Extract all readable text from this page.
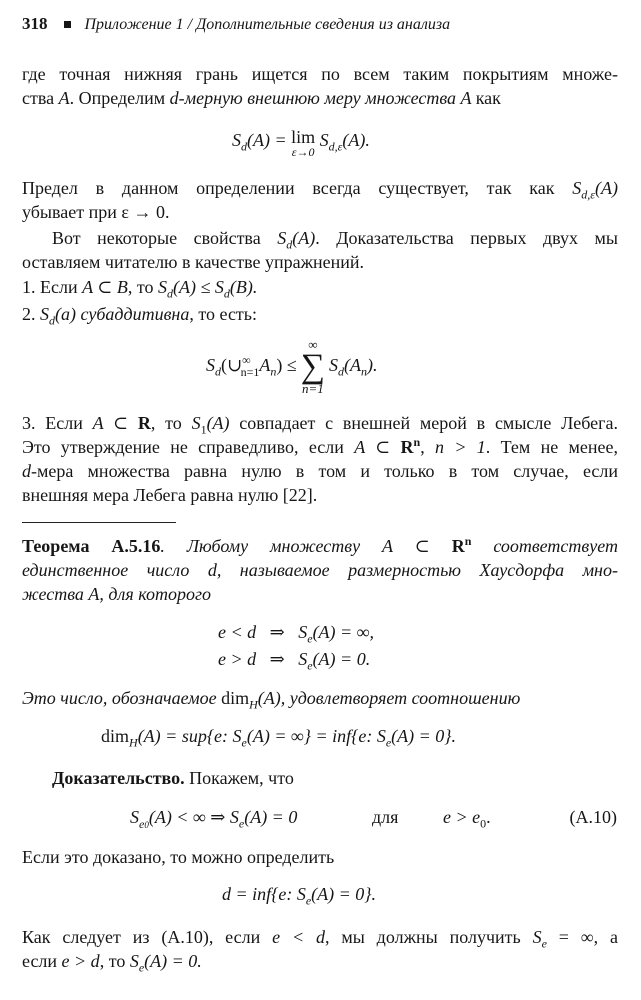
318 Приложение 1 / Дополнительные сведения из анализа
где точная нижняя грань ищется по всем таким покрытиям множе-
ства A. Определим d-мерную внешнюю меру множества A как
$S_d(A) = \lim$
ε→0
$S_{d,\varepsilon}(A)$.
Предел в данном определении всегда существует, так как $S_{d,\varepsilon}(A)$
убывает при ε → 0.
Вот некоторые свойства $S_d(A)$. Доказательства первых двух мы
оставляем читателю в качестве упражнений.
1. Если A ⊂ B, то $S_d(A) \le S_d(B)$.
2. $S_d(a)$ субаддитивна, то есть:
$S_d(\cup^\infty_{n=1}A_n)$ ≤
∞
∑
n=1
$S_d(A_n)$.
3. Если A ⊂ R, то $S_1(A)$ совпадает с внешней мерой в смысле Лебега.
Это утверждение не справедливо, если A ⊂ $R^n$, n > 1. Тем не менее,
d-мера множества равна нулю в том и только в том случае, если
внешняя мера Лебега равна нулю [22].
Теорема A.5.16. Любому множеству A ⊂ $R^n$ соответствует
единственное число d, называемое размерностью Хаусдорфа мно-
жества A, для которого
e < d ⇒ $S_e(A)$ = ∞,
e > d ⇒ $S_e(A) = 0$.
Это число, обозначаемое dim$_H$(A), удовлетворяет соотношению
dim$_H$(A) = sup{e: $S_e(A)$ = ∞} = inf{e: $S_e(A) = 0$}.
Доказательство. Покажем, что
$S_{e0}(A)$ < ∞ ⇒ $S_e(A) = 0$	для $e > e_0$.	(A.10)
Если это доказано, то можно определить
d = inf{e: $S_e(A) = 0$}.
Как следует из (A.10), если e < d, мы должны получить $S_e$ = ∞, а
если e > d, то $S_e(A) = 0$.
